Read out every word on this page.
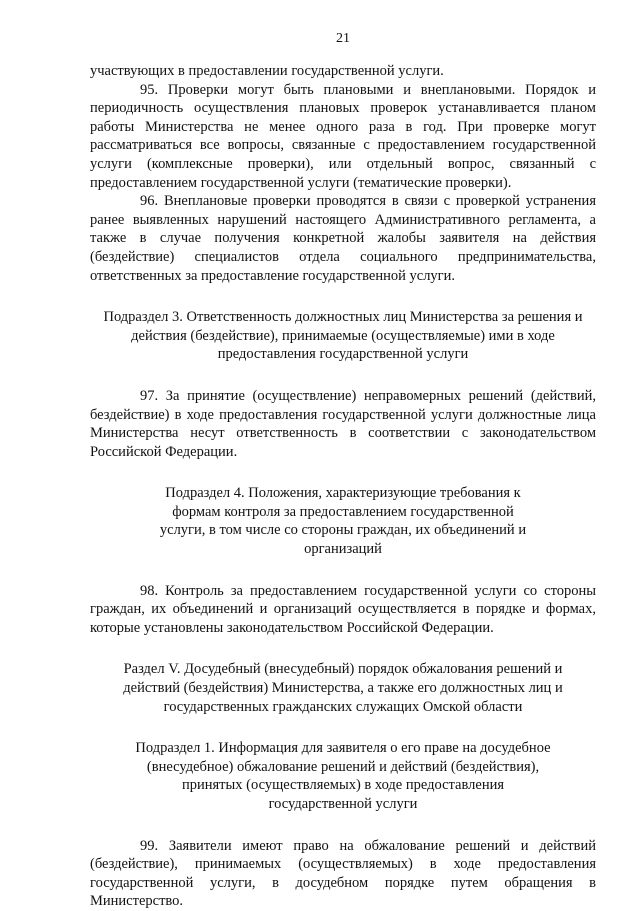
21

участвующих в предоставлении государственной услуги.

95. Проверки могут быть плановыми и внеплановыми. Порядок и периодичность осуществления плановых проверок устанавливается планом работы Министерства не менее одного раза в год. При проверке могут рассматриваться все вопросы, связанные с предоставлением государственной услуги (комплексные проверки), или отдельный вопрос, связанный с предоставлением государственной услуги (тематические проверки).

96. Внеплановые проверки проводятся в связи с проверкой устранения ранее выявленных нарушений настоящего Административного регламента, а также в случае получения конкретной жалобы заявителя на действия (бездействие) специалистов отдела социального предпринимательства, ответственных за предоставление государственной услуги.

Подраздел 3. Ответственность должностных лиц Министерства за решения и действия (бездействие), принимаемые (осуществляемые) ими в ходе предоставления государственной услуги

97. За принятие (осуществление) неправомерных решений (действий, бездействие) в ходе предоставления государственной услуги должностные лица Министерства несут ответственность в соответствии с законодательством Российской Федерации.

Подраздел 4. Положения, характеризующие требования к формам контроля за предоставлением государственной услуги, в том числе со стороны граждан, их объединений и организаций

98. Контроль за предоставлением государственной услуги со стороны граждан, их объединений и организаций осуществляется в порядке и формах, которые установлены законодательством Российской Федерации.

Раздел V. Досудебный (внесудебный) порядок обжалования решений и действий (бездействия) Министерства, а также его должностных лиц и государственных гражданских служащих Омской области
Подраздел 1. Информация для заявителя о его праве на досудебное (внесудебное) обжалование решений и действий (бездействия), принятых (осуществляемых) в ходе предоставления государственной услуги

99. Заявители имеют право на обжалование решений и действий (бездействие), принимаемых (осуществляемых) в ходе предоставления государственной услуги, в досудебном порядке путем обращения в Министерство.
